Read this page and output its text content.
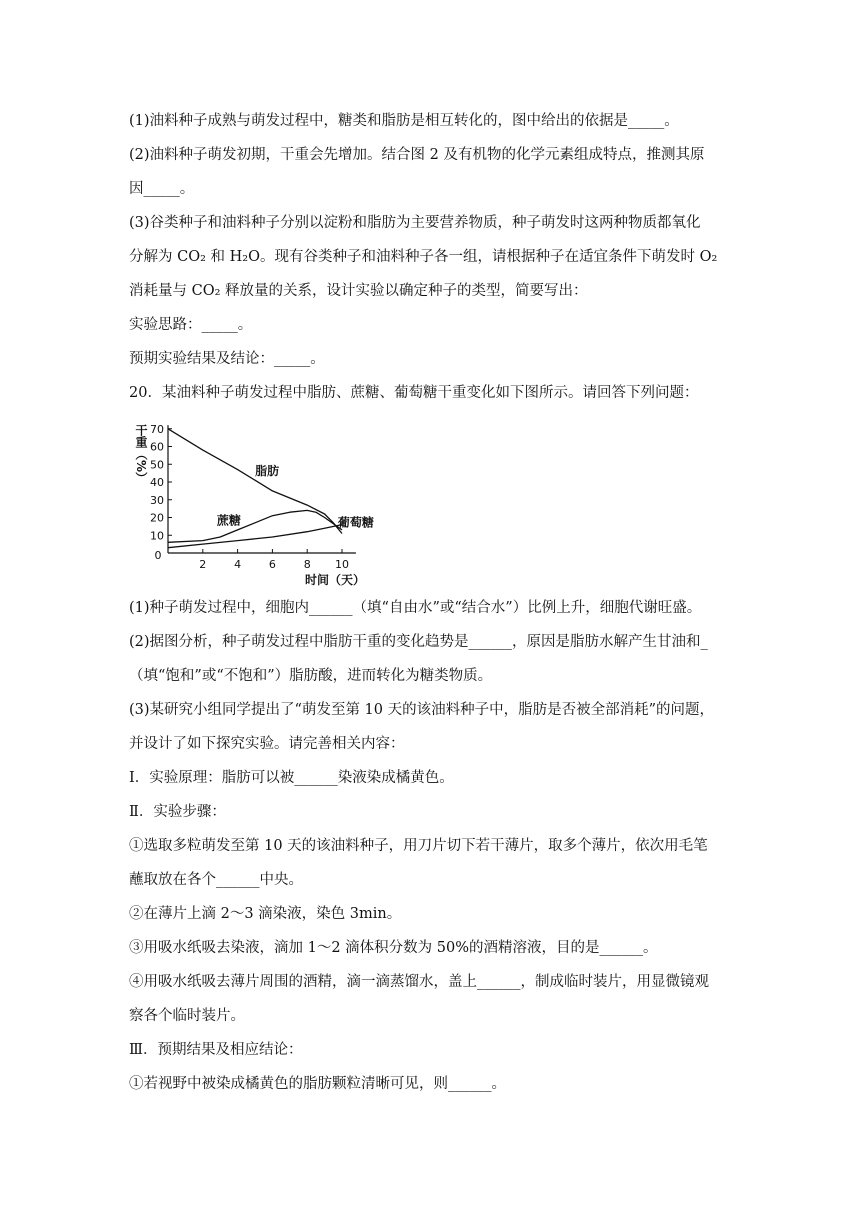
(1)油料种子成熟与萌发过程中，糖类和脂肪是相互转化的，图中给出的依据是_____。
(2)油料种子萌发初期，干重会先增加。结合图 2 及有机物的化学元素组成特点，推测其原
因_____。
(3)谷类种子和油料种子分别以淀粉和脂肪为主要营养物质，种子萌发时这两种物质都氧化
分解为 CO₂ 和 H₂O。现有谷类种子和油料种子各一组，请根据种子在适宜条件下萌发时 O₂
消耗量与 CO₂ 释放量的关系，设计实验以确定种子的类型，简要写出：
实验思路：_____。
预期实验结果及结论：_____。
20．某油料种子萌发过程中脂肪、蔗糖、葡萄糖干重变化如下图所示。请回答下列问题：
0
10
20
30
40
50
60
70
2	4	6	8 10
脂肪
蔗糖	葡萄糖
干重（%）
时间（天）
(1)种子萌发过程中，细胞内______（填“自由水”或“结合水”）比例上升，细胞代谢旺盛。
(2)据图分析，种子萌发过程中脂肪干重的变化趋势是______，原因是脂肪水解产生甘油和_
（填“饱和”或“不饱和”）脂肪酸，进而转化为糖类物质。
(3)某研究小组同学提出了“萌发至第 10 天的该油料种子中，脂肪是否被全部消耗”的问题，
并设计了如下探究实验。请完善相关内容：
Ⅰ．实验原理：脂肪可以被______染液染成橘黄色。
Ⅱ．实验步骤：
①选取多粒萌发至第 10 天的该油料种子，用刀片切下若干薄片，取多个薄片，依次用毛笔
蘸取放在各个______中央。
②在薄片上滴 2～3 滴染液，染色 3min。
③用吸水纸吸去染液，滴加 1～2 滴体积分数为 50%的酒精溶液，目的是______。
④用吸水纸吸去薄片周围的酒精，滴一滴蒸馏水，盖上______，制成临时装片，用显微镜观
察各个临时装片。
Ⅲ．预期结果及相应结论：
①若视野中被染成橘黄色的脂肪颗粒清晰可见，则______。
